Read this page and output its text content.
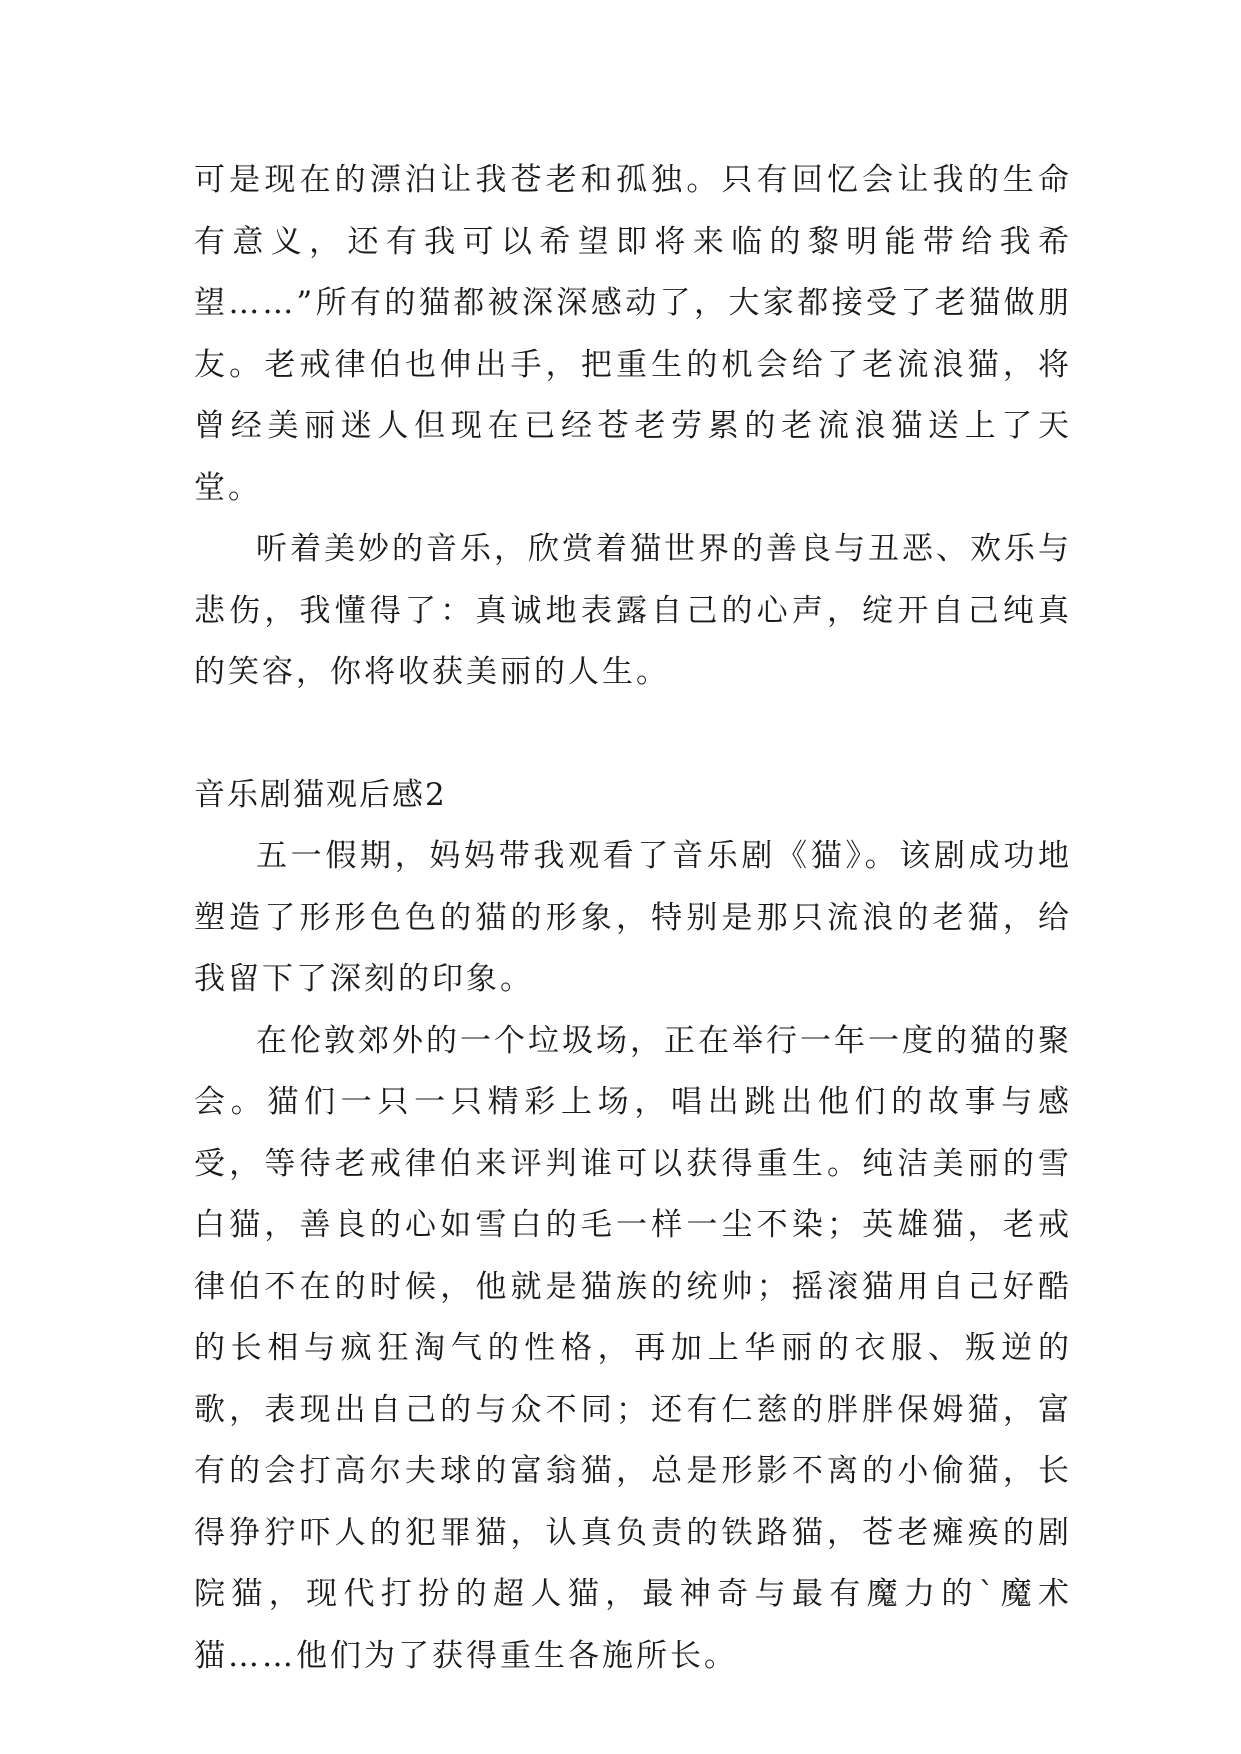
可是现在的漂泊让我苍老和孤独。只有回忆会让我的生命有意义，还有我可以希望即将来临的黎明能带给我希望……”所有的猫都被深深感动了，大家都接受了老猫做朋友。老戒律伯也伸出手，把重生的机会给了老流浪猫，将曾经美丽迷人但现在已经苍老劳累的老流浪猫送上了天堂。

听着美妙的音乐，欣赏着猫世界的善良与丑恶、欢乐与悲伤，我懂得了：真诚地表露自己的心声，绽开自己纯真的笑容，你将收获美丽的人生。

音乐剧猫观后感2

五一假期，妈妈带我观看了音乐剧《猫》。该剧成功地塑造了形形色色的猫的形象，特别是那只流浪的老猫，给我留下了深刻的印象。

在伦敦郊外的一个垃圾场，正在举行一年一度的猫的聚会。猫们一只一只精彩上场，唱出跳出他们的故事与感受，等待老戒律伯来评判谁可以获得重生。纯洁美丽的雪白猫，善良的心如雪白的毛一样一尘不染；英雄猫，老戒律伯不在的时候，他就是猫族的统帅；摇滚猫用自己好酷的长相与疯狂淘气的性格，再加上华丽的衣服、叛逆的歌，表现出自己的与众不同；还有仁慈的胖胖保姆猫，富有的会打高尔夫球的富翁猫，总是形影不离的小偷猫，长得狰狞吓人的犯罪猫，认真负责的铁路猫，苍老瘫痪的剧院猫，现代打扮的超人猫，最神奇与最有魔力的`魔术猫……他们为了获得重生各施所长。
